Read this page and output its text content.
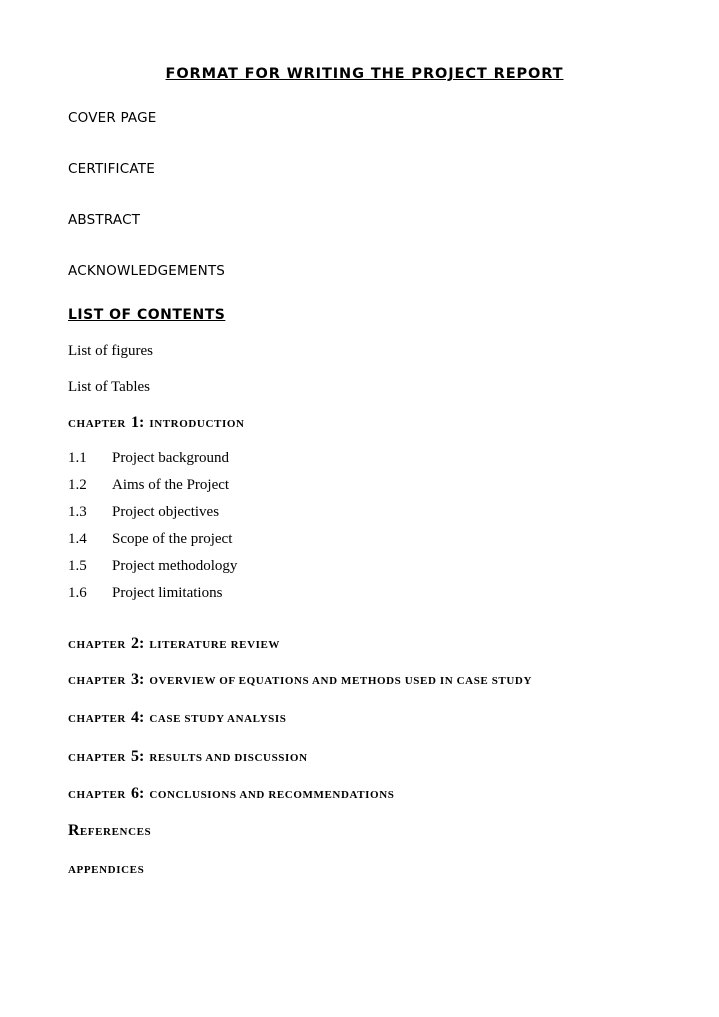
FORMAT FOR WRITING THE PROJECT REPORT

COVER PAGE

CERTIFICATE

ABSTRACT

ACKNOWLEDGEMENTS

LIST OF CONTENTS

List of figures

List of Tables

CHAPTER 1: INTRODUCTION
1.1	Project background
1.2	Aims of the Project
1.3	Project objectives
1.4	Scope of the project
1.5	Project methodology
1.6	Project limitations
CHAPTER 2: LITERATURE REVIEW
CHAPTER 3: OVERVIEW OF EQUATIONS AND METHODS USED IN CASE STUDY
CHAPTER 4: CASE STUDY ANALYSIS
CHAPTER 5: RESULTS AND DISCUSSION
CHAPTER 6: CONCLUSIONS AND RECOMMENDATIONS
REFERENCES

APPENDICES
